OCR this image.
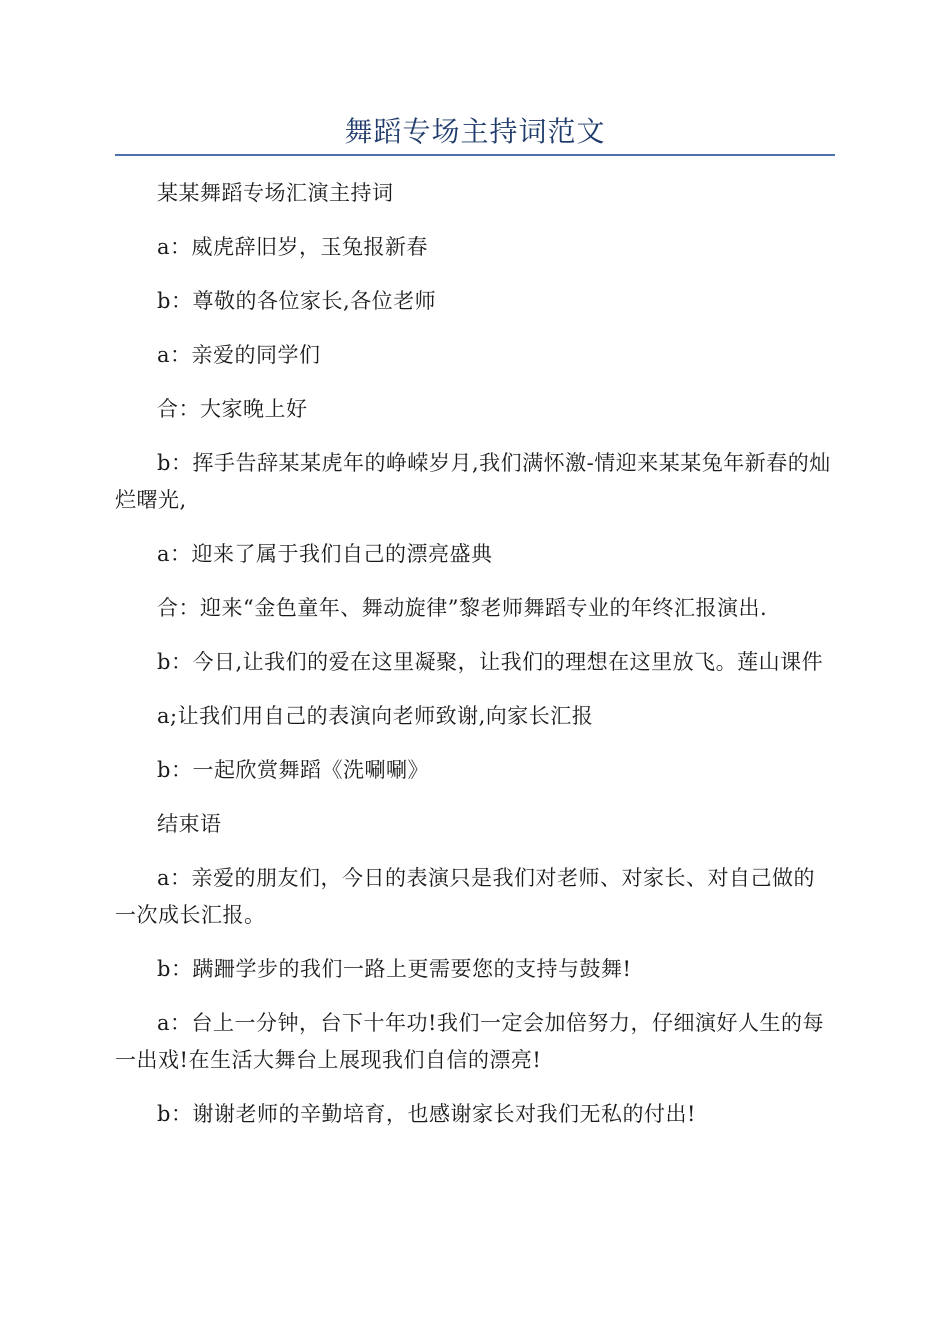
舞蹈专场主持词范文

某某舞蹈专场汇演主持词

a：威虎辞旧岁，玉兔报新春

b：尊敬的各位家长,各位老师

a：亲爱的同学们

合：大家晚上好

b：挥手告辞某某虎年的峥嵘岁月,我们满怀激-情迎来某某兔年新春的灿烂曙光,

a：迎来了属于我们自己的漂亮盛典

合：迎来“金色童年、舞动旋律”黎老师舞蹈专业的年终汇报演出.

b：今日,让我们的爱在这里凝聚，让我们的理想在这里放飞。莲山课件

a;让我们用自己的表演向老师致谢,向家长汇报

b：一起欣赏舞蹈《洗唰唰》

结束语

a：亲爱的朋友们，今日的表演只是我们对老师、对家长、对自己做的一次成长汇报。

b：蹒跚学步的我们一路上更需要您的支持与鼓舞!

a：台上一分钟，台下十年功!我们一定会加倍努力，仔细演好人生的每一出戏!在生活大舞台上展现我们自信的漂亮!

b：谢谢老师的辛勤培育，也感谢家长对我们无私的付出!
